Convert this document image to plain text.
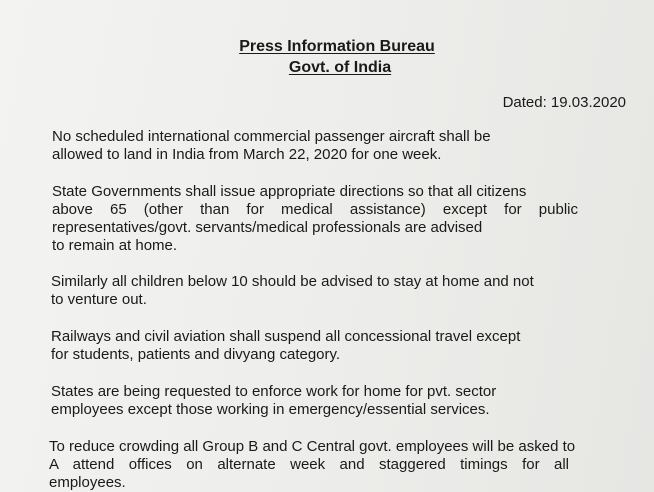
Press Information Bureau
Govt. of India
Dated: 19.03.2020

No scheduled international commercial passenger aircraft shall be
allowed to land in India from March 22, 2020 for one week.

State Governments shall issue appropriate directions so that all citizens
above 65 (other than for medical assistance) except for public
representatives/govt. servants/medical professionals are advised
to remain at home.

Similarly all children below 10 should be advised to stay at home and not
to venture out.

Railways and civil aviation shall suspend all concessional travel except
for students, patients and divyang category.

States are being requested to enforce work for home for pvt. sector
employees except those working in emergency/essential services.

To reduce crowding all Group B and C Central govt. employees will be asked to
A attend offices on alternate week and staggered timings for all
employees.
